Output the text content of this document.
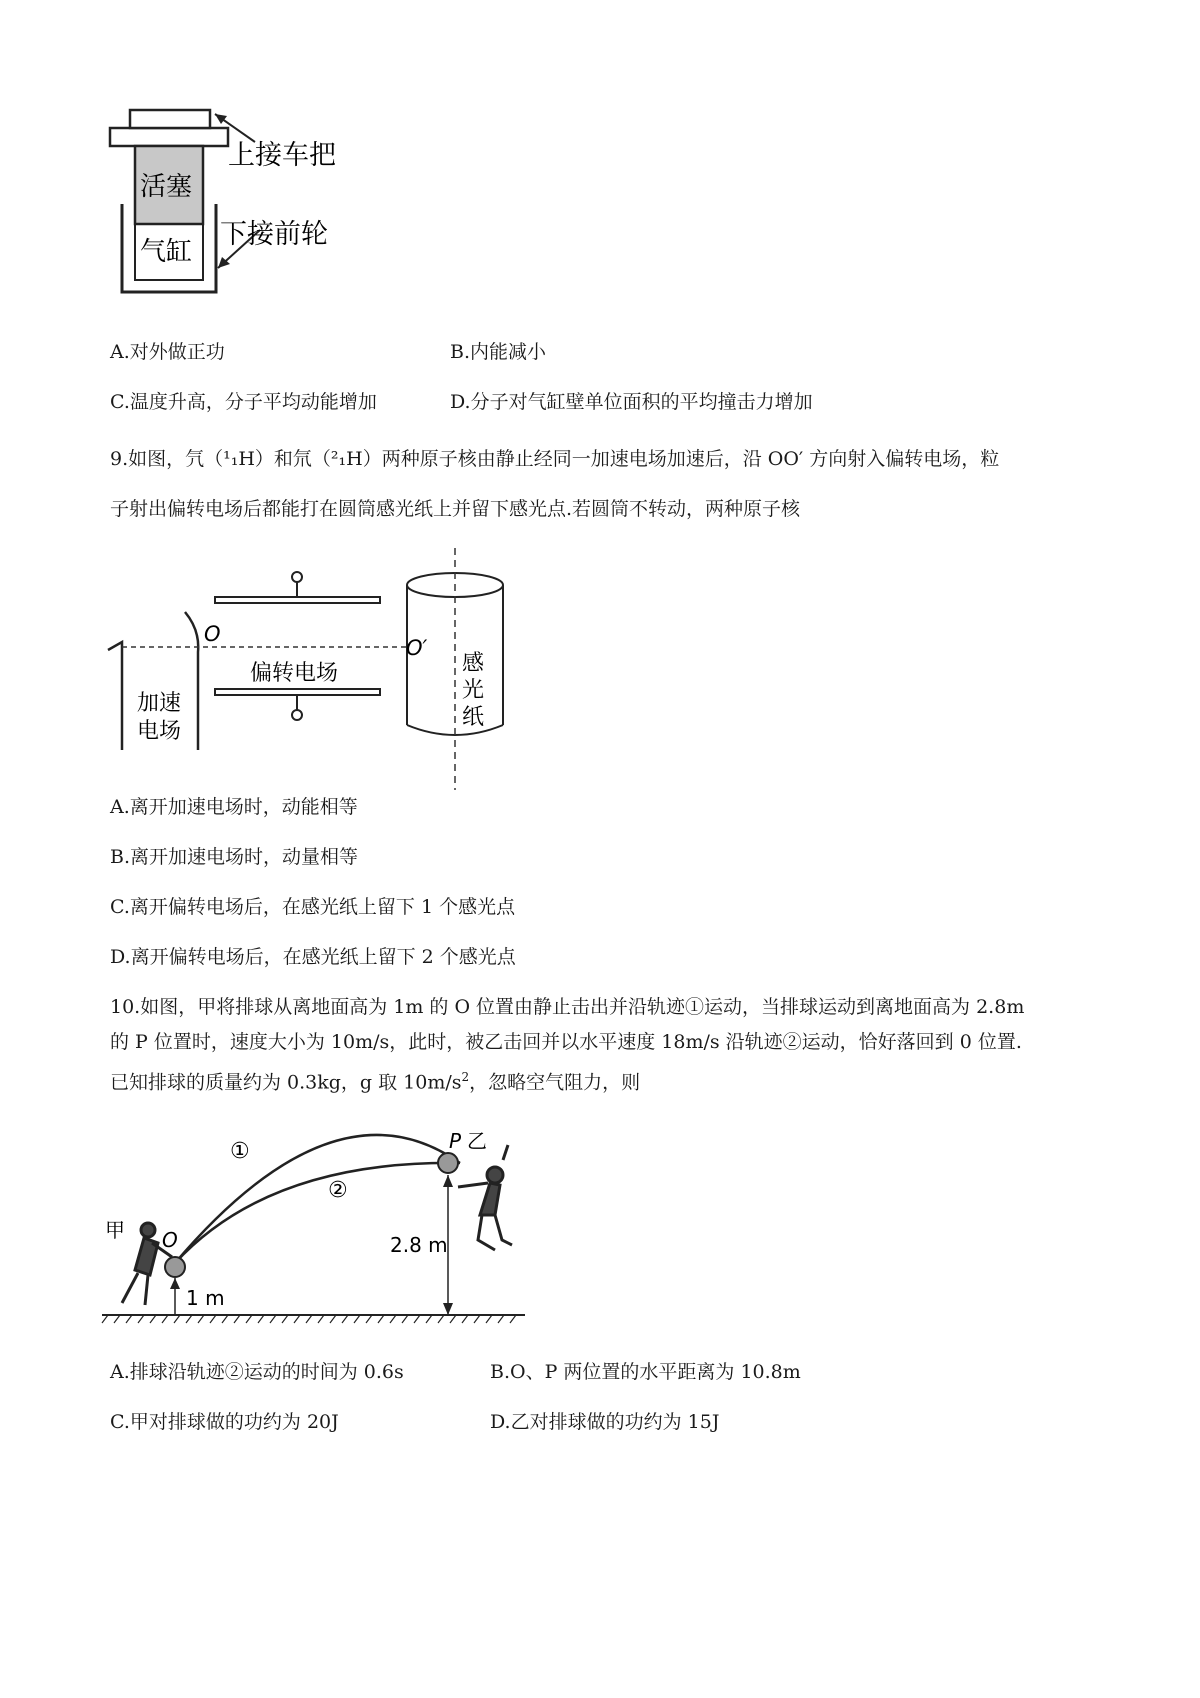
活塞
气缸
上接车把
下接前轮
A.对外做正功	B.内能减小
C.温度升高，分子平均动能增加	D.分子对气缸壁单位面积的平均撞击力增加
9.如图，氕（¹₁H）和氘（²₁H）两种原子核由静止经同一加速电场加速后，沿 OO′ 方向射入偏转电场，粒
子射出偏转电场后都能打在圆筒感光纸上并留下感光点.若圆筒不转动，两种原子核
加速
电场
O
偏转电场
O′
感
光
纸
A.离开加速电场时，动能相等
B.离开加速电场时，动量相等
C.离开偏转电场后，在感光纸上留下 1 个感光点
D.离开偏转电场后，在感光纸上留下 2 个感光点
10.如图，甲将排球从离地面高为 1m 的 O 位置由静止击出并沿轨迹①运动，当排球运动到离地面高为 2.8m
的 P 位置时，速度大小为 10m/s，此时，被乙击回并以水平速度 18m/s 沿轨迹②运动，恰好落回到 0 位置.
已知排球的质量约为 0.3kg，g 取 $10m/s^2$，忽略空气阻力，则
①
②
P 乙
2.8 m
甲 O
1 m
A.排球沿轨迹②运动的时间为 0.6s	B.O、P 两位置的水平距离为 10.8m
C.甲对排球做的功约为 20J	D.乙对排球做的功约为 15J
